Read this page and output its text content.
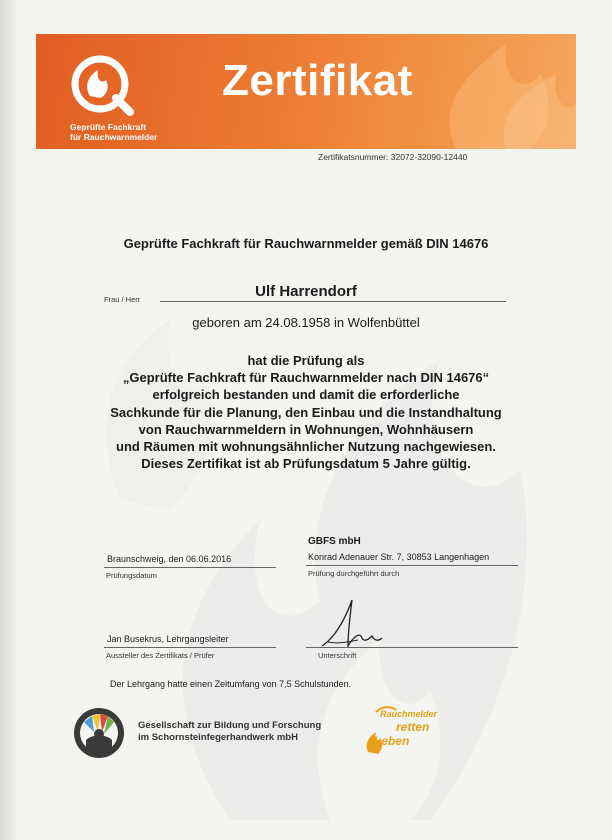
Geprüfte Fachkraft
für Rauchwarnmelder
Zertifikat
Zertifikatsnummer: 32072-32090-12440
Geprüfte Fachkraft für Rauchwarnmelder gemäß DIN 14676
Frau / Herr	Ulf Harrendorf
geboren am 24.08.1958 in Wolfenbüttel
hat die Prüfung als
„Geprüfte Fachkraft für Rauchwarnmelder nach DIN 14676“
erfolgreich bestanden und damit die erforderliche
Sachkunde für die Planung, den Einbau und die Instandhaltung
von Rauchwarnmeldern in Wohnungen, Wohnhäusern
und Räumen mit wohnungsähnlicher Nutzung nachgewiesen.
Dieses Zertifikat ist ab Prüfungsdatum 5 Jahre gültig.
Braunschweig, den 06.06.2016
Prüfungsdatum
GBFS mbH
Konrad Adenauer Str. 7, 30853 Langenhagen
Prüfung durchgeführt durch
Jan Busekrus, Lehrgangsleiter
Aussteller des Zertifikats / Prüfer	Unterschrift
Der Lehrgang hatte einen Zeitumfang von 7,5 Schulstunden.
Gesellschaft zur Bildung und Forschung
im Schornsteinfegerhandwerk mbH
Rauchmelder
retten
Leben
